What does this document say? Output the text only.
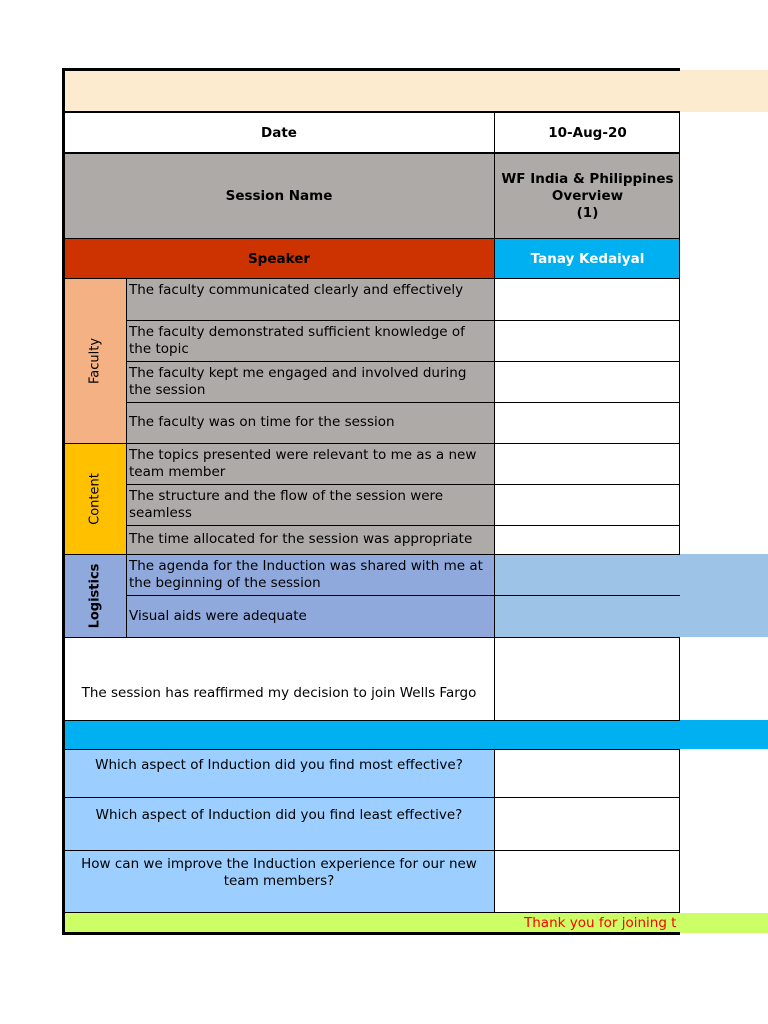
Date	10-Aug-20
Session Name
WF India & Philippines Overview
(1)
Speaker	Tanay Kedaiyal
Faculty
Content
Logistics
The faculty communicated clearly and effectively
The faculty demonstrated sufficient knowledge of the topic
The faculty kept me engaged and involved during the session
The faculty was on time for the session
The topics presented were relevant to me as a new team member
The structure and the flow of the session were seamless
The time allocated for the session was appropriate
The agenda for the Induction was shared with me at the beginning of the session
Visual aids were adequate
The session has reaffirmed my decision to join Wells Fargo
Which aspect of Induction did you find most effective?
Which aspect of Induction did you find least effective?
How can we improve the Induction experience for our new team members?
Thank you for joining t
